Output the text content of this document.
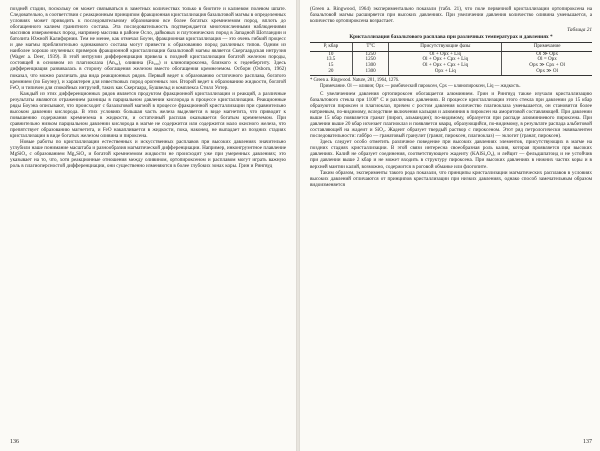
поздней стадии, поскольку он может связываться в заметных количествах только в биотите и калиевом полевом шпате. Следовательно, в соответствии с реакционным принципом фракционная кристаллизация базальтовой магмы в определенных условиях может приводить к последовательному образованию все более богатых кремнеземом пород, вплоть до обогащенного калием гранитного состава. Эта последовательность подтверждается многочисленными наблюдениями массивов изверженных пород, например массива в районе Осло, дайковых и плутонических пород в Западной Шотландии и батолита Южной Калифорнии. Тем не менее, как отмечал Боуэн, фракционная кристаллизация — это очень гибкий процесс и две магмы приблизительно одинакового состава могут привести к образованию пород различных типов. Одним из наиболее хорошо изученных примеров фракционной кристаллизации базальтовой магмы является Скергаардская интрузия (Wager а. Deer, 1939). В этой интрузии дифференциация привела к поздней кристаллизации богатой железом породы, состоящей в основном из плагиоклаза (An₃₀), оливина (Fa₁₀₀) и клинопироксена, близкого к геденбергиту. Здесь дифференциация развивалась в сторону обогащения железом вместо обогащения кремнеземом. Осборн (Osborn, 1962) показал, что можно различать два вида реакционных рядов. Первый ведет к образованию остаточного расплава, богатого кремнием (по Боуэну), и характерен для известковых пород орогенных зон. Второй ведет к образованию жидкости, богатой FeO, и типичен для спокойных интрузий, таких как Скергаард, Бушвельд и комплекса Стилл Уотер.

Каждый из этих дифференционных рядов является продуктом фракционной кристаллизации и реакций, а различные результаты являются отражением разницы в парциальном давлении кислорода в процессе кристаллизации. Реакционные ряды Боуэна описывают, что происходит с базальтовой магмой в процессе фракционной кристаллизации при сравнительно высоком давлении кислорода. В этих условиях большая часть железа выделяется в виде магнетита, что приводит к повышению содержания кремнезема в жидкости, и остаточный расплав оказывается богатым кремнеземом. При сравнительно низком парциальном давлении кислорода в магме не содержится или содержится мало окисного железа, что препятствует образованию магнетита, и FeO накапливается в жидкости, пока, наконец, не выпадает из поздних стадиях кристаллизации в виде богатых железом оливина и пироксена.

Новые работы по кристаллизации естественных и искусственных расплавов при высоких давлениях значительно углубили наше понимание масштаба и разнообразия магматической дифференциации. Например, инконгруэнтное плавление MgSiO₃ с образованием Mg₂SiO₄ и богатой кремнеземом жидкости не происходит уже при умеренных давлениях; это указывает на то, что, хотя реакционные отношения между оливином, ортопироксеном и расплавом могут играть важную роль в плагиоперсностой дифференциации, они существенно изменяются в более глубоких зонах коры. Грин и Рингвуд

136

(Green a. Ringwood, 1964) экспериментально показали (табл. 21), что поле первичной кристаллизации ортопироксена на базальтовой магмы расширяется при высоких давлениях. При увеличении давления количество оливина уменьшается, а количество ортопироксена возрастает.

Таблица 21
Кристаллизация базальтового расплава при различных температурах и давлениях *
P, кбар	T°C	Присутствующие фазы	Примечание
10	1250	Ol + Opx + Liq	Ol ≫ Opx
13.5	1250	Ol + Opx + Cpx + Liq	Ol = Opx
15	1300	Ol + Opx + Cpx + Liq	Opx ≫ Cpx + Ol
20	1300	Opx + Liq	Opx ≫ Ol
* Green a. Ringwood. Nature, 201, 1964, 1276.
Примечание. Ol — оливин; Opx — ромбический пироксен, Cpx — клинопироксен, Liq — жидкость.

С увеличением давления ортопироксен обогащается алюминием. Грин и Рингвуд также изучали кристаллизацию базальтового стекла при 1100° C и различных давлениях. В процессе кристаллизации этого стекла при давлении до 15 кбар образуются пироксен и плагиоклаз, причем с ростом давления количество плагиоклаза уменьшается, он становится более натриевым, по-видимому, вследствие включения кальция и алюминия в пироксен на аморитовой составляющей. При давлении выше 15 кбар появляется гранат (пироп, альмандин); по-видимому, образуется при распаде алюминиевого пироксена. При давлении выше 20 кбар исчезает плагиоклаз и появляется кварц, образующийся, по-видимому, в результате распада альбитовой составляющей на жадеит и SiO₂. Жадеит образует твердый раствор с пироксеном. Этот ряд петрологически эквивалентен последовательности: габбро — гранатовый гранулит (гранат, пироксен, плагиоклаз) — эклогит (гранат, пироксен).

Здесь следует особо отметить различное поведение при высоких давлениях элементов, присутствующих в магме на поздних стадиях кристаллизации. В этой связи интересна своеобразная роль калия, которая проявляется при высоких давлениях. Калий не образует соединения, соответствующего жадеиту (KAlSi₂O₆), и лейцит — фельдшпатоид и не устойчив при давлении выше 2 кбар и не может входить в структуру пироксена. При высоких давлениях в нижних частях коры и в верхней мантии калий, возможно, содержится в роговой обманке или флогопите.

Таким образом, эксперименты такого рода показали, что принципы кристаллизации магматических расплавов в условиях высоких давлений отличаются от принципов кристаллизации при низких давлениях, однако способ замечательным образом видоизменяется

137
